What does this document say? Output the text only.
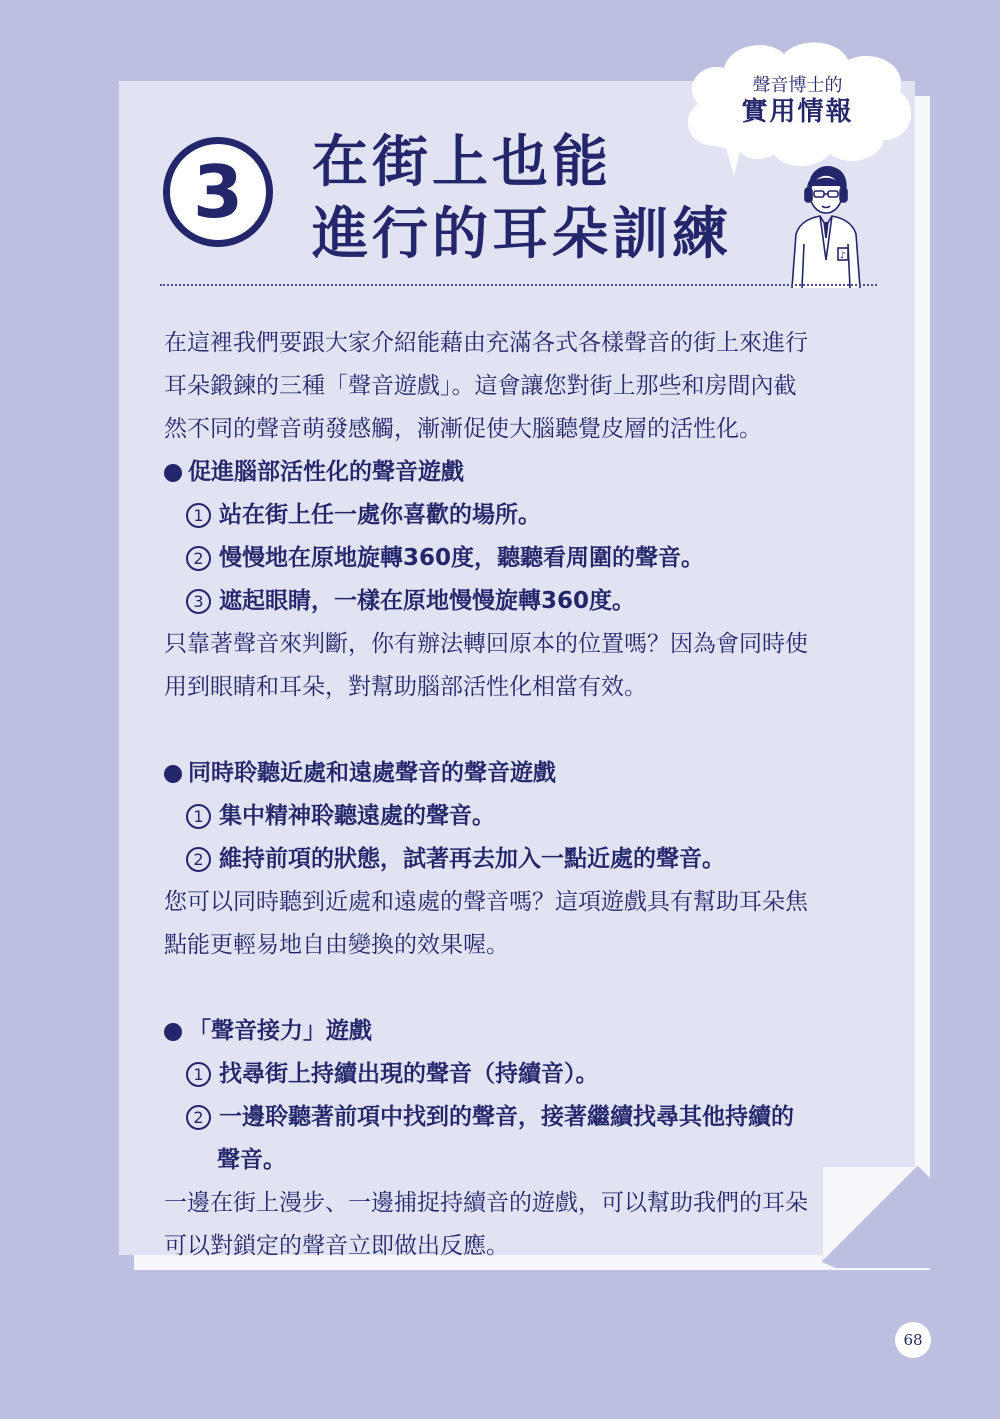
3 在街上也能
進行的耳朵訓練
聲音博士的
實用情報
♪

在這裡我們要跟大家介紹能藉由充滿各式各樣聲音的街上來進行

耳朵鍛鍊的三種「聲音遊戲」。這會讓您對街上那些和房間內截

然不同的聲音萌發感觸，漸漸促使大腦聽覺皮層的活性化。

促進腦部活性化的聲音遊戲

1 站在街上任一處你喜歡的場所。

2 慢慢地在原地旋轉360度，聽聽看周圍的聲音。

3 遮起眼睛，一樣在原地慢慢旋轉360度。

只靠著聲音來判斷，你有辦法轉回原本的位置嗎？因為會同時使

用到眼睛和耳朵，對幫助腦部活性化相當有效。

同時聆聽近處和遠處聲音的聲音遊戲

1 集中精神聆聽遠處的聲音。

2 維持前項的狀態，試著再去加入一點近處的聲音。

您可以同時聽到近處和遠處的聲音嗎？這項遊戲具有幫助耳朵焦

點能更輕易地自由變換的效果喔。

「聲音接力」遊戲

1 找尋街上持續出現的聲音（持續音）。

2 一邊聆聽著前項中找到的聲音，接著繼續找尋其他持續的

聲音。

一邊在街上漫步、一邊捕捉持續音的遊戲，可以幫助我們的耳朵

可以對鎖定的聲音立即做出反應。

68
